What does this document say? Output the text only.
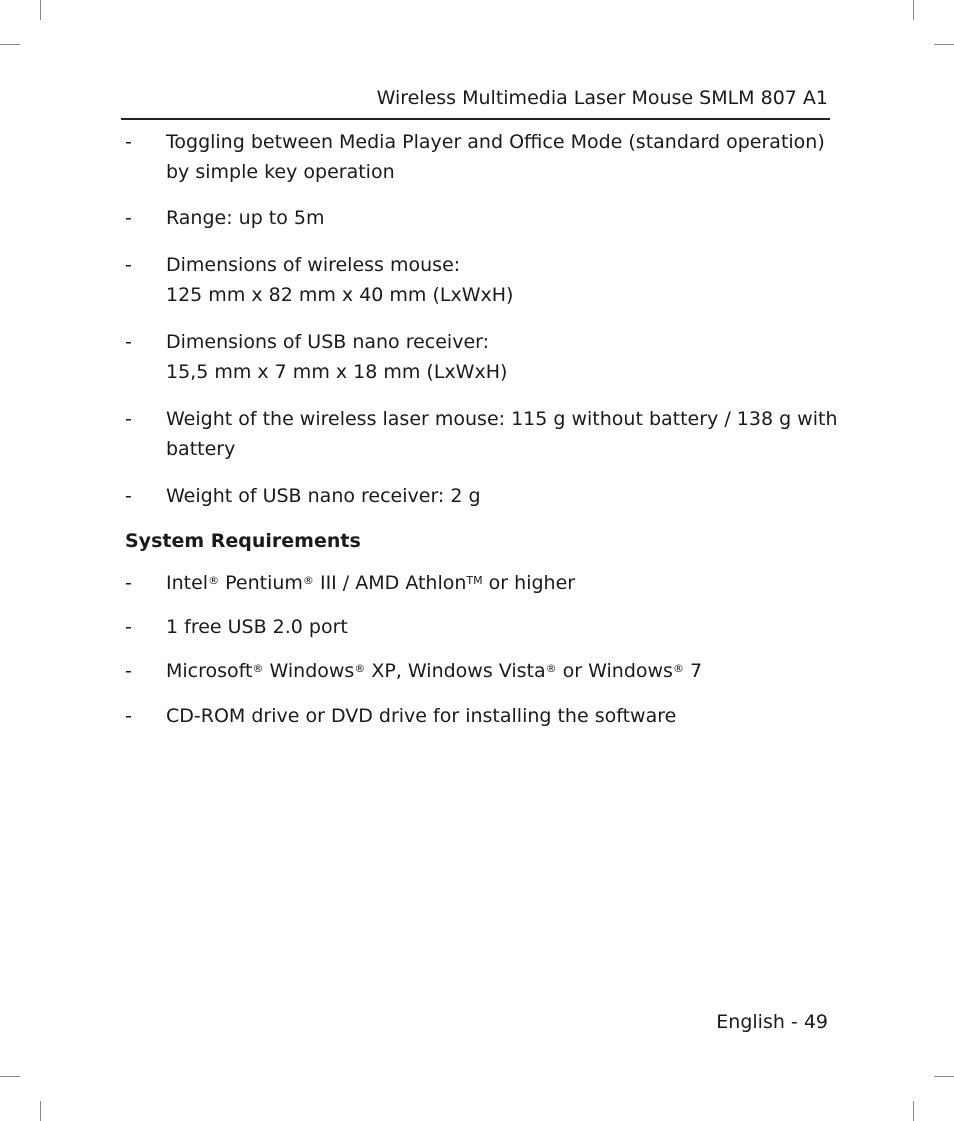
Wireless Multimedia Laser Mouse SMLM 807 A1
- Toggling between Media Player and Office Mode (standard operation)
by simple key operation
- Range: up to 5m
- Dimensions of wireless mouse:
125 mm x 82 mm x 40 mm (LxWxH)
- Dimensions of USB nano receiver:
15,5 mm x 7 mm x 18 mm (LxWxH)
- Weight of the wireless laser mouse: 115 g without battery / 138 g with
battery
- Weight of USB nano receiver: 2 g
System Requirements
- Intel® Pentium® III / AMD Athlon™ or higher
- 1 free USB 2.0 port
- Microsoft® Windows® XP, Windows Vista® or Windows® 7
- CD-ROM drive or DVD drive for installing the software
English - 49
